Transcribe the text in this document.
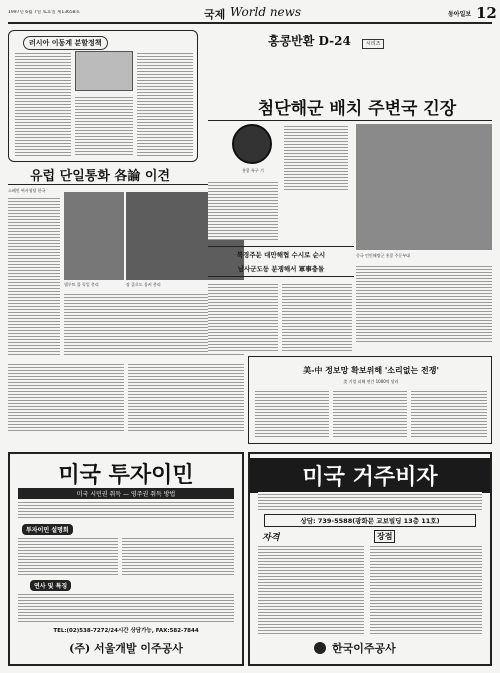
1997년 6월 7일 토요일 제13658호	국제 World news	동아일보 12
러시아 이동계 분할정책
유럽 단일통화 各論 이견
스페인 여자청당 한국
헬무트 콜 독일 총리	장 클로드 융커 총리
홍콩반환 D-24	시리즈
첨단해군 배치 주변국 긴장
홍콩 특구 기
중국 인민해방군 홍콩 주둔부대
북경주둔 대만해협 수시로 순시
남사군도등 분쟁해서 軍事충돌
美-中 정보망 확보위해 '소리없는 전쟁'
美 기업 피해 연간 1000억 달러
미국 투자이민
미국 시민권 취득 — 영주권 취득 방법
투자이민 설명회
연사 및 특징
TEL:(02)538-7272/24시간 상담가능, FAX:582-7844
(주) 서울개발 이주공사
미국 거주비자
상담: 739-5588(광화문 교보빌딩 13층 11호)
자격	장점
한국이주공사
